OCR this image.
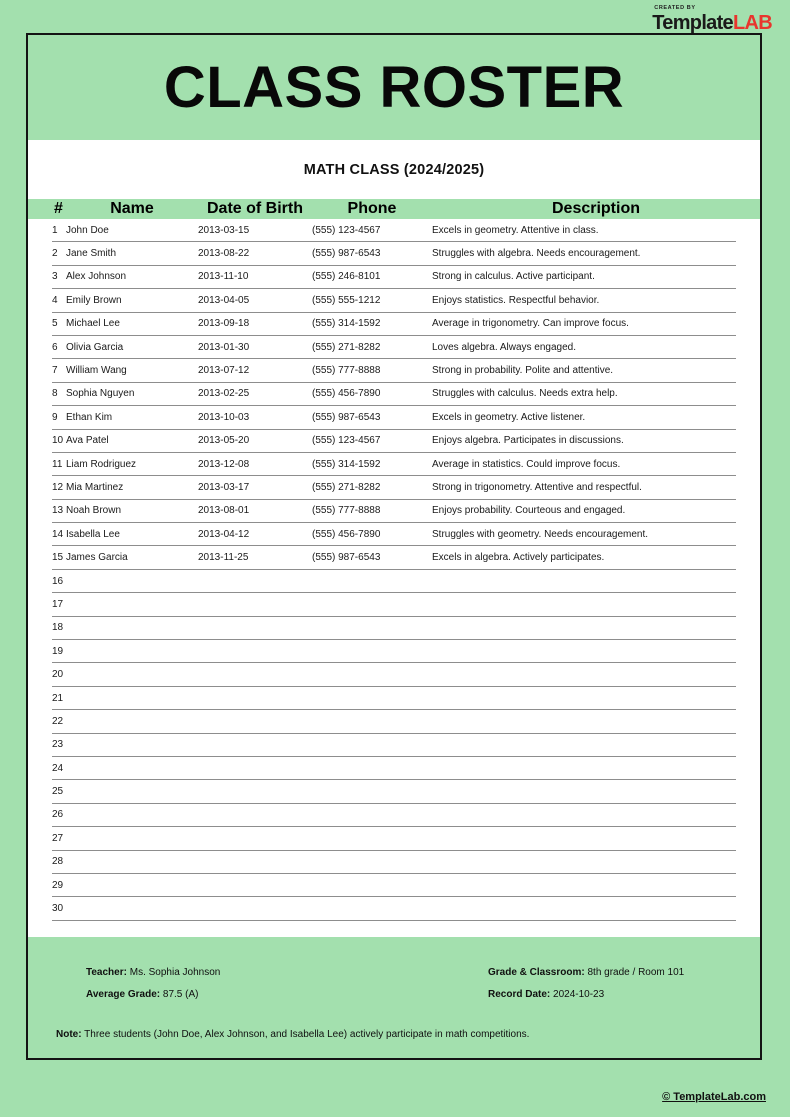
CREATED BY
TemplateLAB
CLASS ROSTER
MATH CLASS (2024/2025)
#	Name	Date of Birth	Phone	Description
1	John Doe	2013-03-15	(555) 123-4567	Excels in geometry. Attentive in class.
2	Jane Smith	2013-08-22	(555) 987-6543	Struggles with algebra. Needs encouragement.
3	Alex Johnson	2013-11-10	(555) 246-8101	Strong in calculus. Active participant.
4	Emily Brown	2013-04-05	(555) 555-1212	Enjoys statistics. Respectful behavior.
5	Michael Lee	2013-09-18	(555) 314-1592	Average in trigonometry. Can improve focus.
6	Olivia Garcia	2013-01-30	(555) 271-8282	Loves algebra. Always engaged.
7	William Wang	2013-07-12	(555) 777-8888	Strong in probability. Polite and attentive.
8	Sophia Nguyen	2013-02-25	(555) 456-7890	Struggles with calculus. Needs extra help.
9	Ethan Kim	2013-10-03	(555) 987-6543	Excels in geometry. Active listener.
10	Ava Patel	2013-05-20	(555) 123-4567	Enjoys algebra. Participates in discussions.
11	Liam Rodriguez	2013-12-08	(555) 314-1592	Average in statistics. Could improve focus.
12	Mia Martinez	2013-03-17	(555) 271-8282	Strong in trigonometry. Attentive and respectful.
13	Noah Brown	2013-08-01	(555) 777-8888	Enjoys probability. Courteous and engaged.
14	Isabella Lee	2013-04-12	(555) 456-7890	Struggles with geometry. Needs encouragement.
15	James Garcia	2013-11-25	(555) 987-6543	Excels in algebra. Actively participates.
16				
17				
18				
19				
20				
21				
22				
23				
24				
25				
26				
27				
28				
29				
30				
Teacher: Ms. Sophia Johnson
Average Grade: 87.5 (A)
Grade & Classroom: 8th grade / Room 101
Record Date: 2024-10-23
Note: Three students (John Doe, Alex Johnson, and Isabella Lee) actively participate in math competitions.
© TemplateLab.com
